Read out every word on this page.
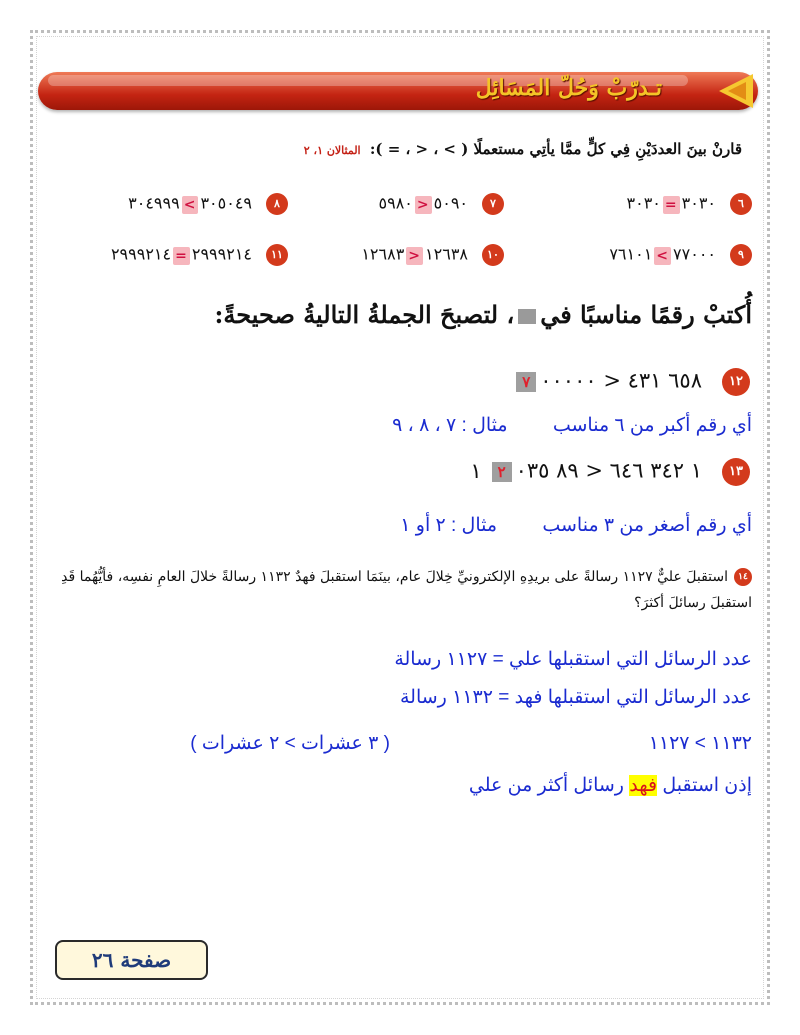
تـدرّبْ وَحُلّ المَسَائِل
قارنْ بينَ العددَيْنِ فِي كلٍّ ممَّا يأتِي مستعملًا ( > ، < ، = ): المثالان ١، ٢
٦٣٠٣٠=٣٠٣٠
٧٥٠٩٠<٥٩٨٠
٨٣٠٥٠٤٩>٣٠٤٩٩٩
٩٧٧٠٠٠>٧٦١٠١
١٠١٢٦٣٨<١٢٦٨٣
١١٢٩٩٩٢١٤=٢٩٩٩٢١٤
أُكتبْ رقمًا مناسبًا في، لتصبحَ الجملةُ التاليةُ صحيحةً:
١٢٦٥٨ ٤٣١ < ٠٠٠٠٠٧
أي رقم أكبر من ٦ مناسب مثال : ٧ ، ٨ ، ٩
١٣١ ٣٤٢ ٦٤٦ < ٨٩ ٠٣٥٢١
أي رقم أصغر من ٣ مناسب مثال : ٢ أو ١
١٤استقبلَ عليٌّ ١١٢٧ رسالةً على بريدِهِ الإلكترونيِّ خِلالَ عام، بينَمَا استقبلَ فهدٌ ١١٣٢ رسالةً خلالَ العامِ نفسِه، فأيُّهُما قَدِ استقبلَ رسائلَ أكثرَ؟
عدد الرسائل التي استقبلها علي = ١١٢٧ رسالة
عدد الرسائل التي استقبلها فهد = ١١٣٢ رسالة
١١٣٢ > ١١٢٧
( ٣ عشرات > ٢ عشرات )
إذن استقبل فهد رسائل أكثر من علي
صفحة ٢٦
